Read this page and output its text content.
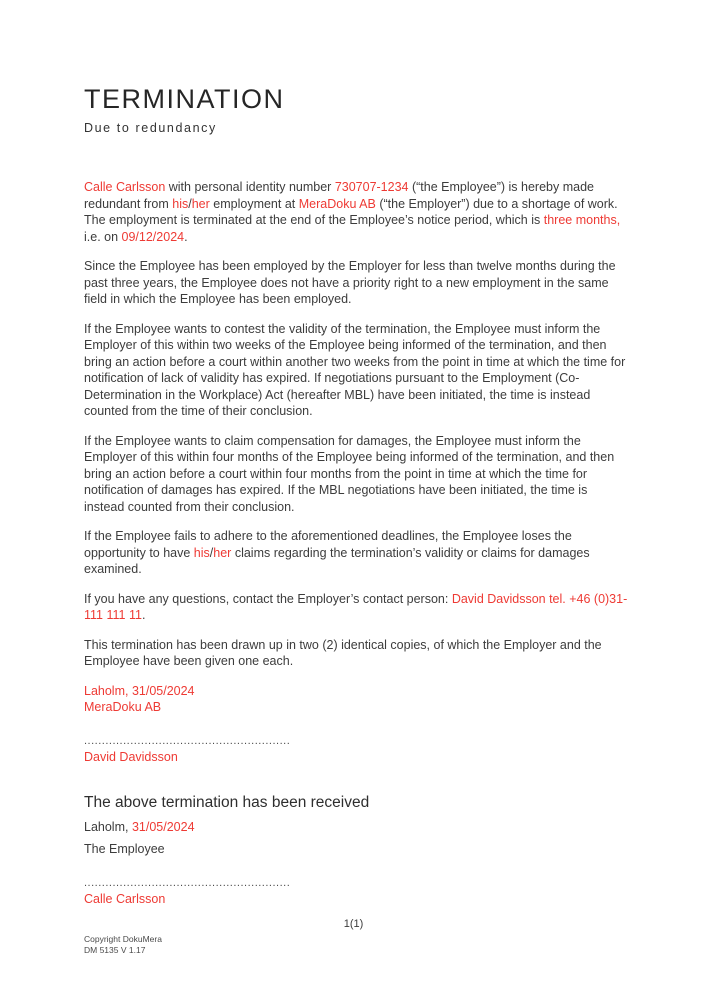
TERMINATION
Due to redundancy

Calle Carlsson with personal identity number 730707-1234 (“the Employee”) is hereby made redundant from his/her employment at MeraDoku AB (“the Employer”) due to a shortage of work. The employment is terminated at the end of the Employee’s notice period, which is three months, i.e. on 09/12/2024.

Since the Employee has been employed by the Employer for less than twelve months during the past three years, the Employee does not have a priority right to a new employment in the same field in which the Employee has been employed.

If the Employee wants to contest the validity of the termination, the Employee must inform the Employer of this within two weeks of the Employee being informed of the termination, and then bring an action before a court within another two weeks from the point in time at which the time for notification of lack of validity has expired. If negotiations pursuant to the Employment (Co-Determination in the Workplace) Act (hereafter MBL) have been initiated, the time is instead counted from the time of their conclusion.

If the Employee wants to claim compensation for damages, the Employee must inform the Employer of this within four months of the Employee being informed of the termination, and then bring an action before a court within four months from the point in time at which the time for notification of damages has expired. If the MBL negotiations have been initiated, the time is instead counted from their conclusion.

If the Employee fails to adhere to the aforementioned deadlines, the Employee loses the opportunity to have his/her claims regarding the termination’s validity or claims for damages examined.

If you have any questions, contact the Employer’s contact person: David Davidsson tel. +46 (0)31-111 111 11.

This termination has been drawn up in two (2) identical copies, of which the Employer and the Employee have been given one each.

Laholm, 31/05/2024
MeraDoku AB
..........................................................
David Davidsson
The above termination has been received
Laholm, 31/05/2024
The Employee
..........................................................
Calle Carlsson
1(1)
Copyright DokuMera
DM 5135 V 1.17
